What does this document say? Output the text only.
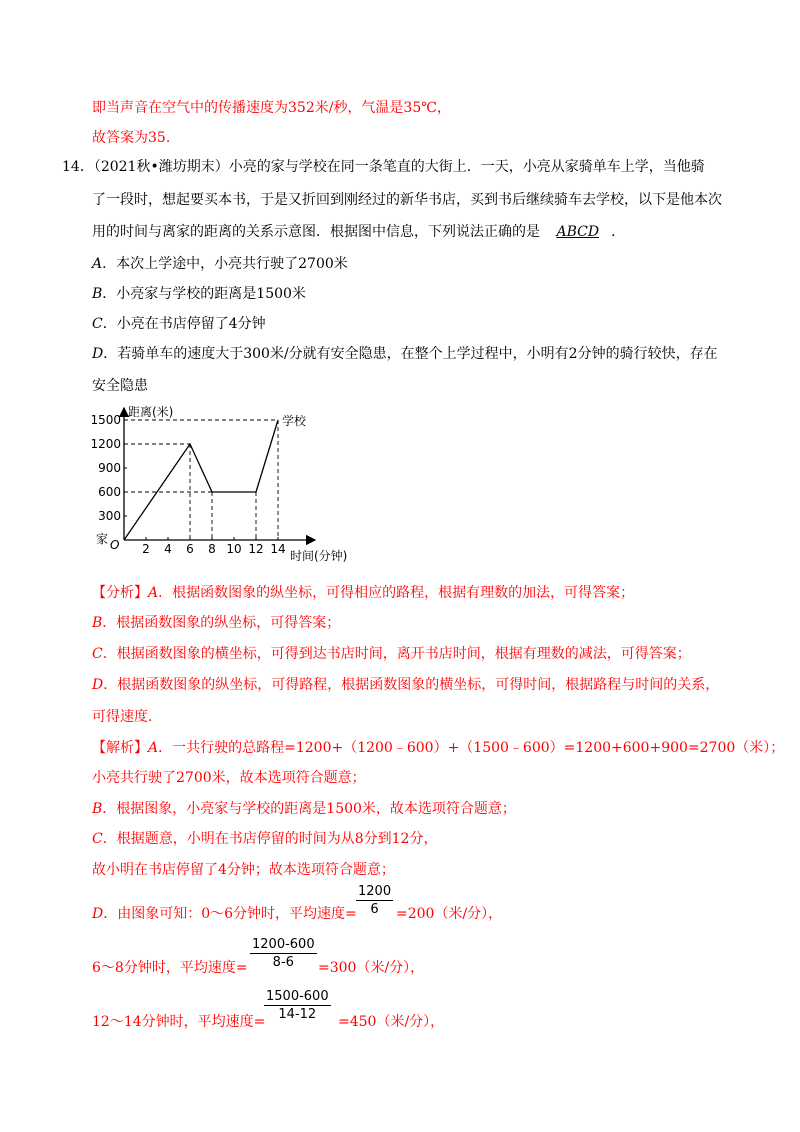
即当声音在空气中的传播速度为352米/秒，气温是35℃，
故答案为35.
14．（2021秋•潍坊期末）小亮的家与学校在同一条笔直的大街上．一天，小亮从家骑单车上学，当他骑
了一段时，想起要买本书，于是又折回到刚经过的新华书店，买到书后继续骑车去学校，以下是他本次
用的时间与离家的距离的关系示意图．根据图中信息，下列说法正确的是 ABCD ．
A．本次上学途中，小亮共行驶了2700米
B．小亮家与学校的距离是1500米
C．小亮在书店停留了4分钟
D．若骑单车的速度大于300米/分就有安全隐患，在整个上学过程中，小明有2分钟的骑行较快，存在
安全隐患
距离(米)
时间(分钟)
家 O 2 4 6 8 10 12 14
300
600
900
1200
1500	学校
【分析】A．根据函数图象的纵坐标，可得相应的路程，根据有理数的加法，可得答案；
B．根据函数图象的纵坐标，可得答案；
C．根据函数图象的横坐标，可得到达书店时间，离开书店时间，根据有理数的减法，可得答案；
D．根据函数图象的纵坐标，可得路程，根据函数图象的横坐标，可得时间，根据路程与时间的关系，
可得速度．
【解析】A．一共行驶的总路程=1200+（1200﹣600）+（1500﹣600）=1200+600+900=2700（米）；
小亮共行驶了2700米，故本选项符合题意；
B．根据图象，小亮家与学校的距离是1500米，故本选项符合题意；
C．根据题意，小明在书店停留的时间为从8分到12分，
故小明在书店停留了4分钟；故本选项符合题意；
D．由图象可知：0～6分钟时，平均速度= $\frac{1200}{6} =200$（米/分），
6～8分钟时，平均速度= $\frac{1200-600}{8-6} =300$（米/分），
12～14分钟时，平均速度=
$\frac{1500-600}{14-12} =450$（米/分），
